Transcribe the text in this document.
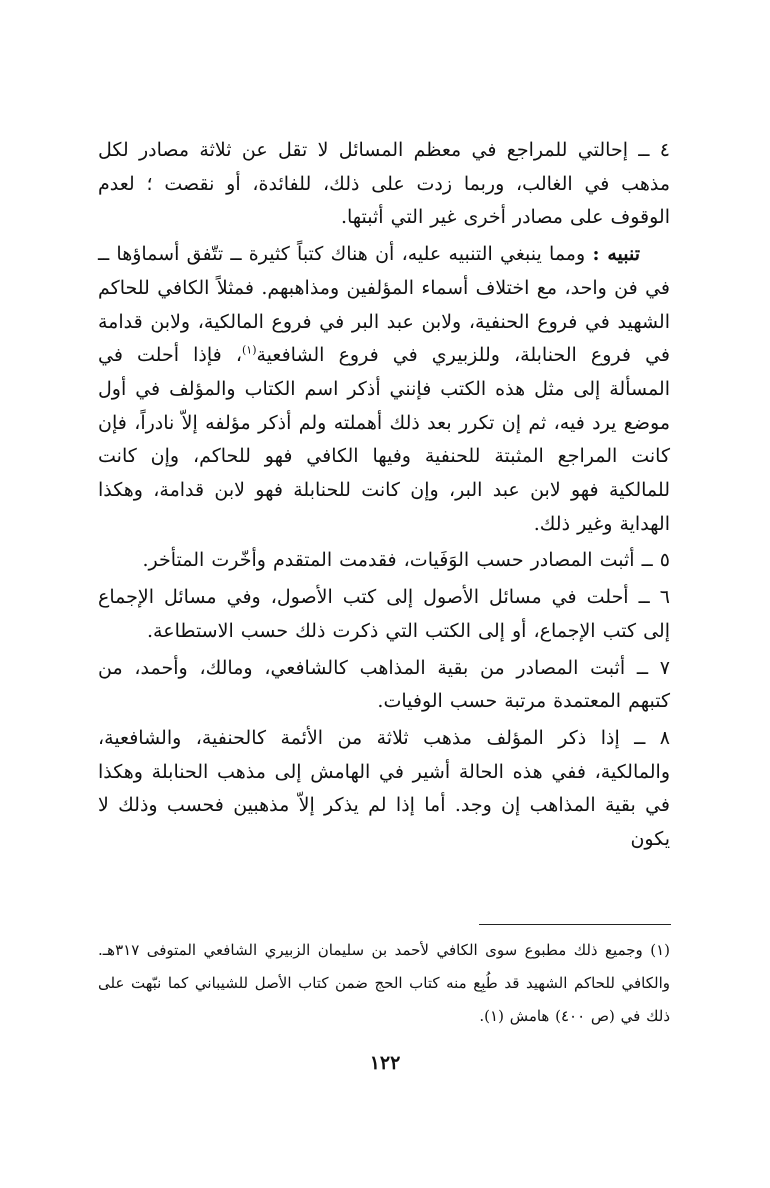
٤ ــ إحالتي للمراجع في معظم المسائل لا تقل عن ثلاثة مصادر لكل مذهب في الغالب، وربما زدت على ذلك، للفائدة، أو نقصت ؛ لعدم الوقوف على مصادر أخرى غير التي أثبتها.

تنبيه : ومما ينبغي التنبيه عليه، أن هناك كتباً كثيرة ــ تتّفق أسماؤها ــ في فن واحد، مع اختلاف أسماء المؤلفين ومذاهبهم. فمثلاً الكافي للحاكم الشهيد في فروع الحنفية، ولابن عبد البر في فروع المالكية، ولابن قدامة في فروع الحنابلة، وللزبيري في فروع الشافعية$^{(١)}$، فإذا أحلت في المسألة إلى مثل هذه الكتب فإنني أذكر اسم الكتاب والمؤلف في أول موضع يرد فيه، ثم إن تكرر بعد ذلك أهملته ولم أذكر مؤلفه إلاّ نادراً، فإن كانت المراجع المثبتة للحنفية وفيها الكافي فهو للحاكم، وإن كانت للمالكية فهو لابن عبد البر، وإن كانت للحنابلة فهو لابن قدامة، وهكذا الهداية وغير ذلك.

٥ ــ أثبت المصادر حسب الوَفَيات، فقدمت المتقدم وأخّرت المتأخر.

٦ ــ أحلت في مسائل الأصول إلى كتب الأصول، وفي مسائل الإجماع إلى كتب الإجماع، أو إلى الكتب التي ذكرت ذلك حسب الاستطاعة.

٧ ــ أثبت المصادر من بقية المذاهب كالشافعي، ومالك، وأحمد، من كتبهم المعتمدة مرتبة حسب الوفيات.

٨ ــ إذا ذكر المؤلف مذهب ثلاثة من الأئمة كالحنفية، والشافعية، والمالكية، ففي هذه الحالة أشير في الهامش إلى مذهب الحنابلة وهكذا في بقية المذاهب إن وجد. أما إذا لم يذكر إلاّ مذهبين فحسب وذلك لا يكون

(١) وجميع ذلك مطبوع سوى الكافي لأحمد بن سليمان الزبيري الشافعي المتوفى ٣١٧هـ. والكافي للحاكم الشهيد قد طُبِع منه كتاب الحج ضمن كتاب الأصل للشيباني كما نبّهت على ذلك في (ص ٤٠٠) هامش (١).

١٢٢
